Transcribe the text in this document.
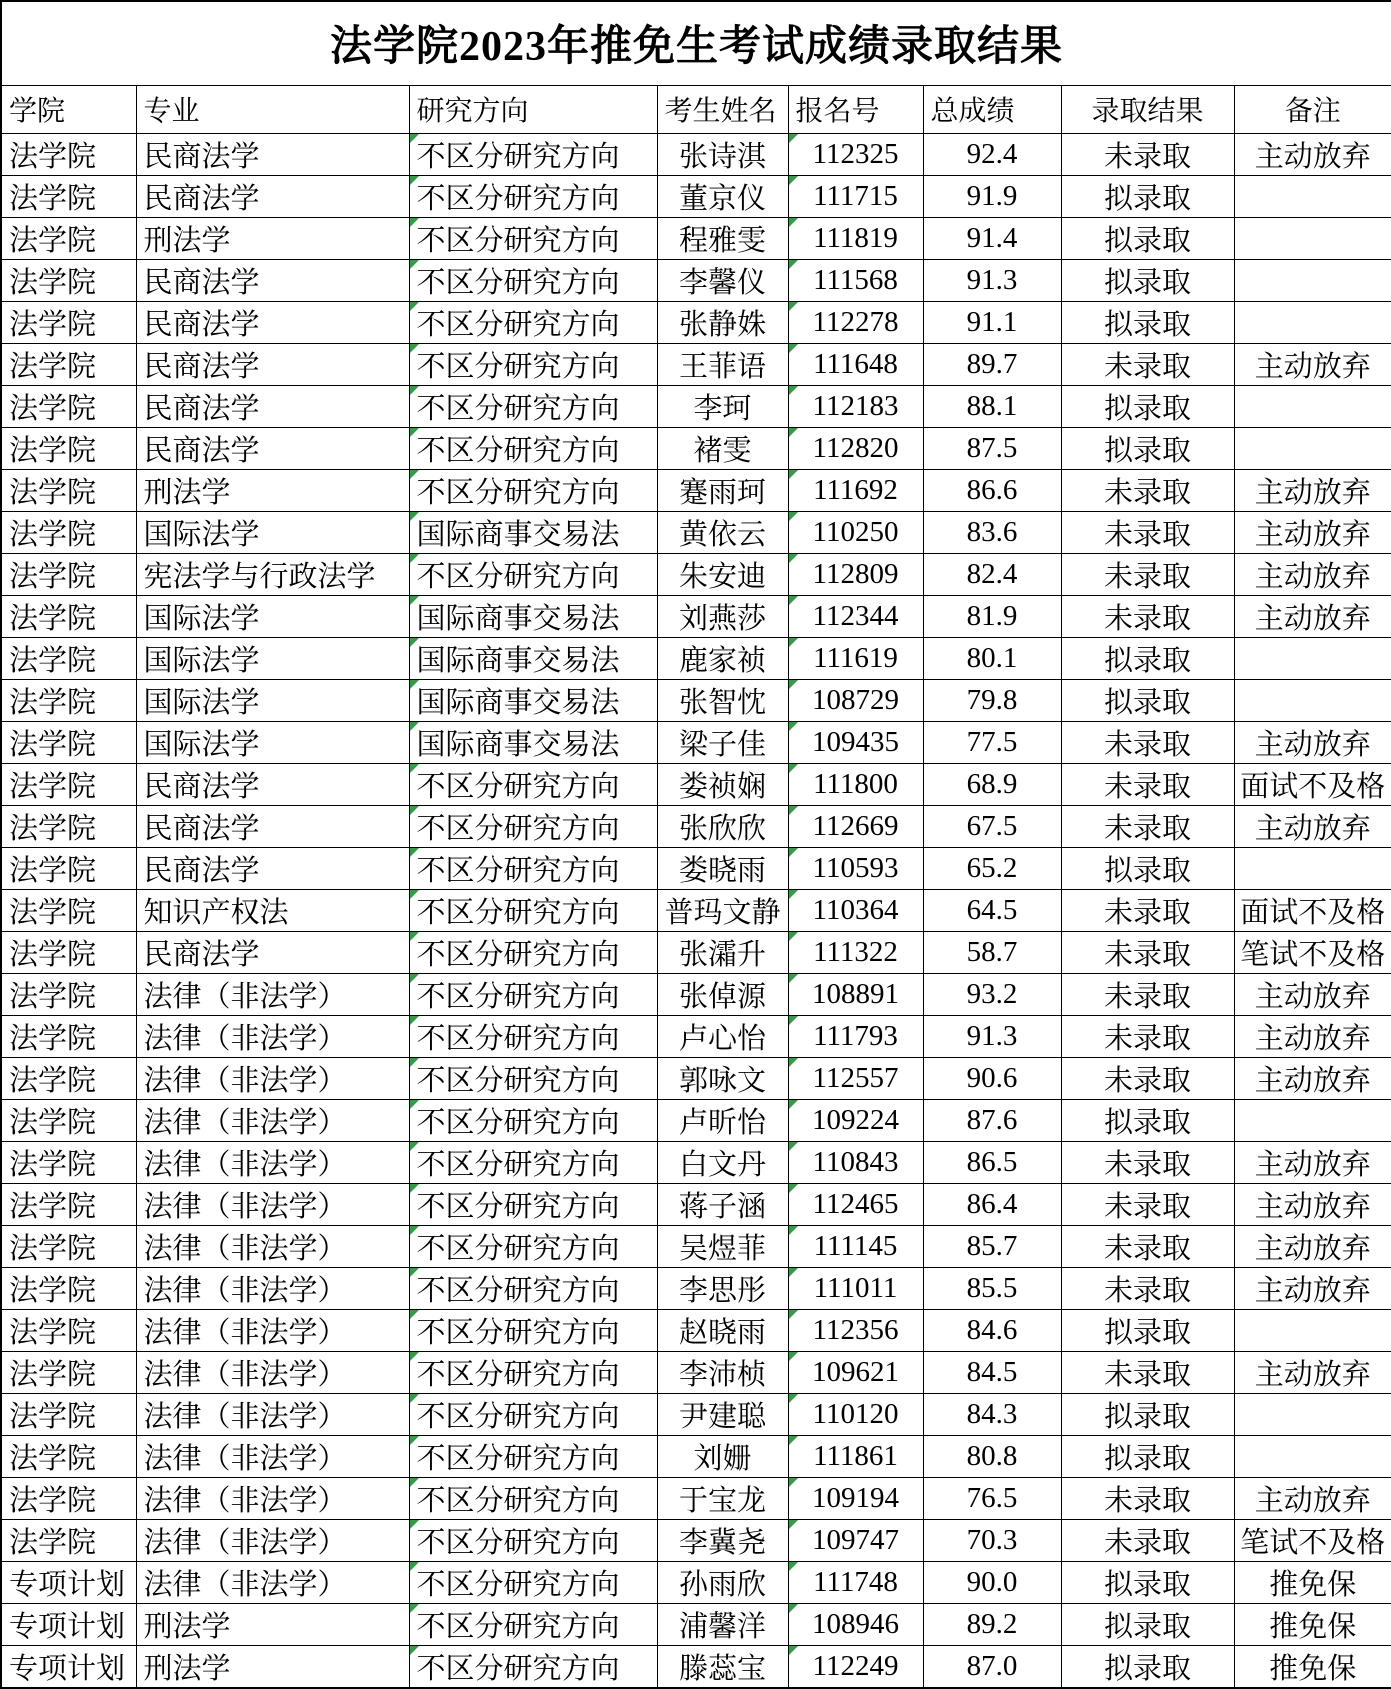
法学院2023年推免生考试成绩录取结果							
学院	专业	研究方向	考生姓名	报名号	总成绩	录取结果	备注
法学院	民商法学	不区分研究方向	张诗淇	112325	92.4	未录取	主动放弃
法学院	民商法学	不区分研究方向	董京仪	111715	91.9	拟录取	
法学院	刑法学	不区分研究方向	程雅雯	111819	91.4	拟录取	
法学院	民商法学	不区分研究方向	李馨仪	111568	91.3	拟录取	
法学院	民商法学	不区分研究方向	张静姝	112278	91.1	拟录取	
法学院	民商法学	不区分研究方向	王菲语	111648	89.7	未录取	主动放弃
法学院	民商法学	不区分研究方向	李珂	112183	88.1	拟录取	
法学院	民商法学	不区分研究方向	褚雯	112820	87.5	拟录取	
法学院	刑法学	不区分研究方向	蹇雨珂	111692	86.6	未录取	主动放弃
法学院	国际法学	国际商事交易法	黄依云	110250	83.6	未录取	主动放弃
法学院	宪法学与行政法学	不区分研究方向	朱安迪	112809	82.4	未录取	主动放弃
法学院	国际法学	国际商事交易法	刘燕莎	112344	81.9	未录取	主动放弃
法学院	国际法学	国际商事交易法	鹿家祯	111619	80.1	拟录取	
法学院	国际法学	国际商事交易法	张智忱	108729	79.8	拟录取	
法学院	国际法学	国际商事交易法	梁子佳	109435	77.5	未录取	主动放弃
法学院	民商法学	不区分研究方向	娄祯娴	111800	68.9	未录取	面试不及格
法学院	民商法学	不区分研究方向	张欣欣	112669	67.5	未录取	主动放弃
法学院	民商法学	不区分研究方向	娄晓雨	110593	65.2	拟录取	
法学院	知识产权法	不区分研究方向	普玛文静	110364	64.5	未录取	面试不及格
法学院	民商法学	不区分研究方向	张灀升	111322	58.7	未录取	笔试不及格
法学院	法律（非法学）	不区分研究方向	张倬源	108891	93.2	未录取	主动放弃
法学院	法律（非法学）	不区分研究方向	卢心怡	111793	91.3	未录取	主动放弃
法学院	法律（非法学）	不区分研究方向	郭咏文	112557	90.6	未录取	主动放弃
法学院	法律（非法学）	不区分研究方向	卢昕怡	109224	87.6	拟录取	
法学院	法律（非法学）	不区分研究方向	白文丹	110843	86.5	未录取	主动放弃
法学院	法律（非法学）	不区分研究方向	蒋子涵	112465	86.4	未录取	主动放弃
法学院	法律（非法学）	不区分研究方向	吴煜菲	111145	85.7	未录取	主动放弃
法学院	法律（非法学）	不区分研究方向	李思彤	111011	85.5	未录取	主动放弃
法学院	法律（非法学）	不区分研究方向	赵晓雨	112356	84.6	拟录取	
法学院	法律（非法学）	不区分研究方向	李沛桢	109621	84.5	未录取	主动放弃
法学院	法律（非法学）	不区分研究方向	尹建聪	110120	84.3	拟录取	
法学院	法律（非法学）	不区分研究方向	刘姗	111861	80.8	拟录取	
法学院	法律（非法学）	不区分研究方向	于宝龙	109194	76.5	未录取	主动放弃
法学院	法律（非法学）	不区分研究方向	李冀尧	109747	70.3	未录取	笔试不及格
专项计划	法律（非法学）	不区分研究方向	孙雨欣	111748	90.0	拟录取	推免保
专项计划	刑法学	不区分研究方向	浦馨洋	108946	89.2	拟录取	推免保
专项计划	刑法学	不区分研究方向	滕蕊宝	112249	87.0	拟录取	推免保
